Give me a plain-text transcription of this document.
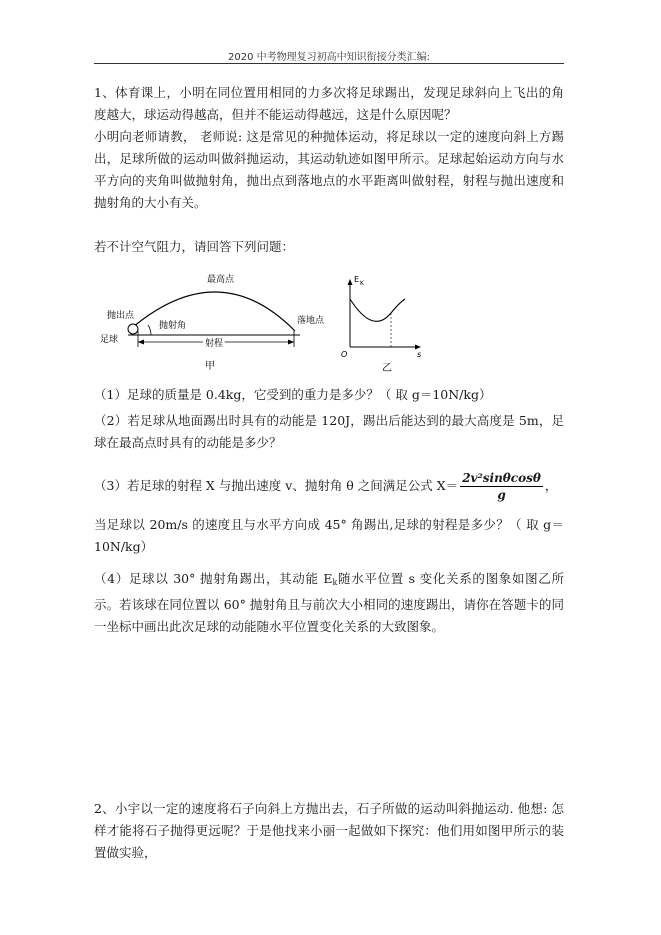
2020 中考物理复习初高中知识衔接分类汇编:

1、体育课上，小明在同位置用相同的力多次将足球踢出，发现足球斜向上飞出的角度越大，球运动得越高，但并不能运动得越远，这是什么原因呢？

小明向老师请教， 老师说: 这是常见的种抛体运动，将足球以一定的速度向斜上方踢出，足球所做的运动叫做斜抛运动，其运动轨迹如图甲所示。足球起始运动方向与水平方向的夹角叫做抛射角，抛出点到落地点的水平距离叫做射程，射程与抛出速度和抛射角的大小有关。

若不计空气阻力，请回答下列问题：

最高点
抛出点
足球
抛射角	落地点
射程
甲
E K
s
O
乙

（1）足球的质量是 0.4kg，它受到的重力是多少？（ 取 g＝10N/kg）

（2）若足球从地面踢出时具有的动能是 120J，踢出后能达到的最大高度是 5m，足球在最高点时具有的动能是多少？

（3）若足球的射程 X 与抛出速度 v、抛射角 θ 之间满足公式 $X= \frac{\text{2v²sinθcosθ}}{g}$ ，

当足球以 20m/s 的速度且与水平方向成 45° 角踢出,足球的射程是多少？（ 取 g＝10N/kg）

（4）足球以 30° 抛射角踢出，其动能 $E_k$随水平位置 s 变化关系的图象如图乙所示。若该球在同位置以 60° 抛射角且与前次大小相同的速度踢出，请你在答题卡的同一坐标中画出此次足球的动能随水平位置变化关系的大致图象。

2、小宇以一定的速度将石子向斜上方抛出去，石子所做的运动叫斜抛运动. 他想: 怎样才能将石子抛得更远呢？于是他找来小丽一起做如下探究：他们用如图甲所示的装置做实验，
